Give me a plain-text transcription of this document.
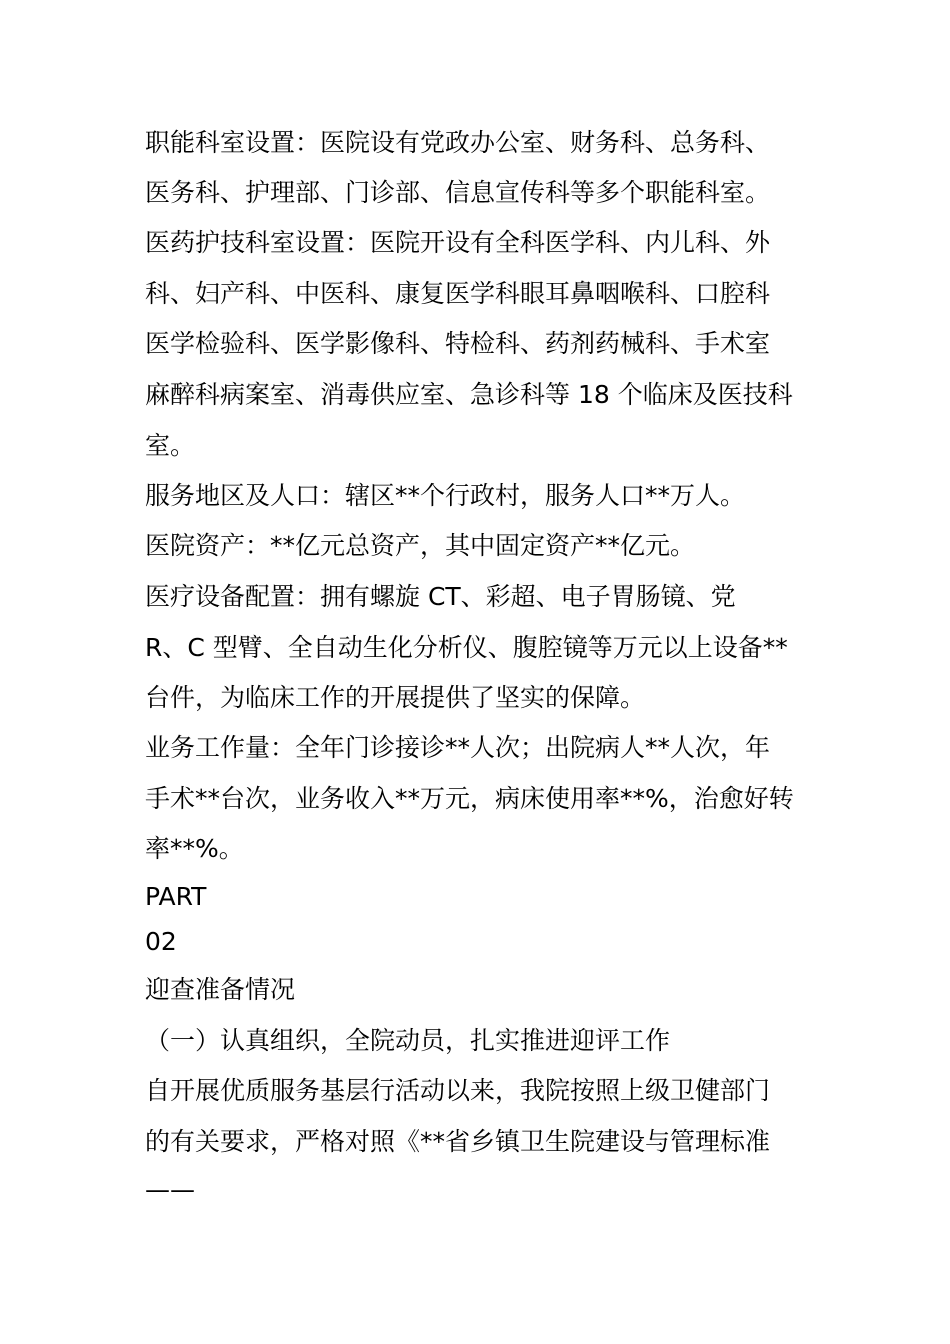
职能科室设置：医院设有党政办公室、财务科、总务科、
医务科、护理部、门诊部、信息宣传科等多个职能科室。
医药护技科室设置：医院开设有全科医学科、内儿科、外
科、妇产科、中医科、康复医学科眼耳鼻咽喉科、口腔科
医学检验科、医学影像科、特检科、药剂药械科、手术室
麻醉科病案室、消毒供应室、急诊科等 18 个临床及医技科
室。
服务地区及人口：辖区**个行政村，服务人口**万人。
医院资产：**亿元总资产，其中固定资产**亿元。
医疗设备配置：拥有螺旋 CT、彩超、电子胃肠镜、党
R、C 型臂、全自动生化分析仪、腹腔镜等万元以上设备**
台件，为临床工作的开展提供了坚实的保障。
业务工作量：全年门诊接诊**人次；出院病人**人次，年
手术**台次，业务收入**万元，病床使用率**%，治愈好转
率**%。
PART
02
迎查准备情况
（一）认真组织，全院动员，扎实推进迎评工作
自开展优质服务基层行活动以来，我院按照上级卫健部门
的有关要求，严格对照《**省乡镇卫生院建设与管理标准
——
